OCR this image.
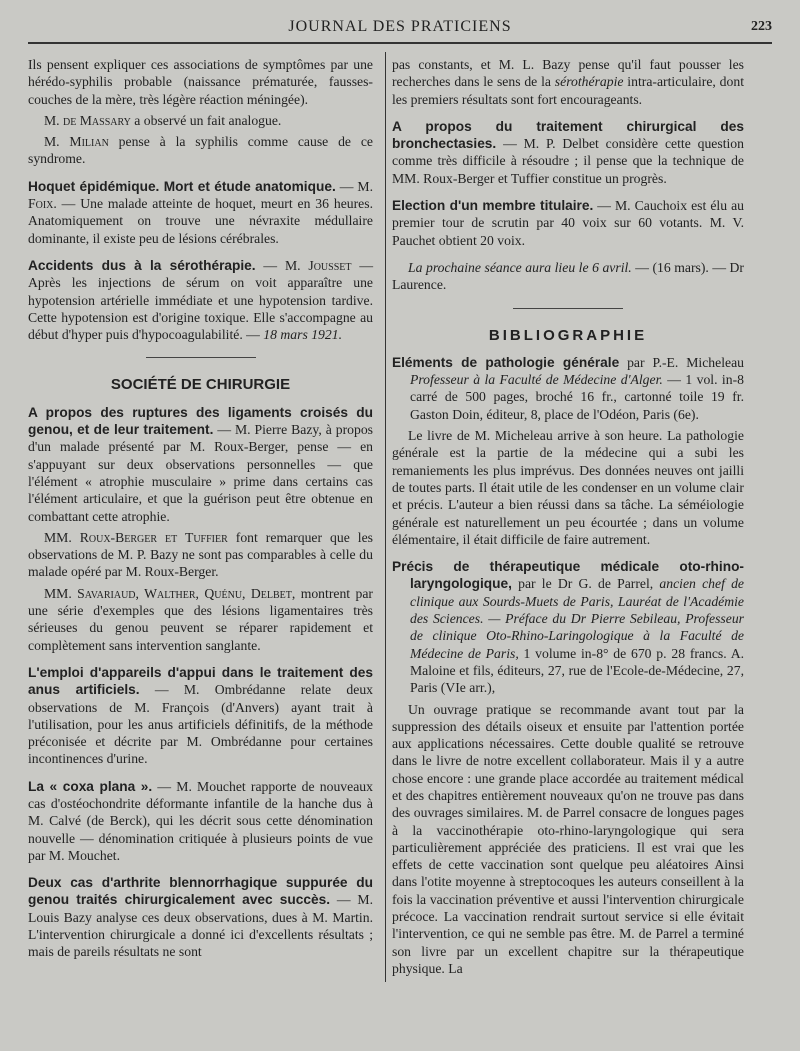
JOURNAL DES PRATICIENS	223

Ils pensent expliquer ces associations de symptômes par une hérédo-syphilis probable (naissance prématurée, fausses-couches de la mère, très légère réaction méningée).

M. de Massary a observé un fait analogue.

M. Milian pense à la syphilis comme cause de ce syndrome.

Hoquet épidémique. Mort et étude anatomique. — M. Foix. — Une malade atteinte de hoquet, meurt en 36 heures. Anatomiquement on trouve une névraxite médullaire dominante, il existe peu de lésions cérébrales.

Accidents dus à la sérothérapie. — M. Jousset — Après les injections de sérum on voit apparaître une hypotension artérielle immédiate et une hypotension tardive. Cette hypotension est d'origine toxique. Elle s'accompagne au début d'hyper puis d'hypocoagulabilité. — 18 mars 1921.

SOCIÉTÉ DE CHIRURGIE

A propos des ruptures des ligaments croisés du genou, et de leur traitement. — M. Pierre Bazy, à propos d'un malade présenté par M. Roux-Berger, pense — en s'appuyant sur deux observations personnelles — que l'élément « atrophie musculaire » prime dans certains cas l'élément articulaire, et que la guérison peut être obtenue en combattant cette atrophie.

MM. Roux-Berger et Tuffier font remarquer que les observations de M. P. Bazy ne sont pas comparables à celle du malade opéré par M. Roux-Berger.

MM. Savariaud, Walther, Quénu, Delbet, montrent par une série d'exemples que des lésions ligamentaires très sérieuses du genou peuvent se réparer rapidement et complètement sans intervention sanglante.

L'emploi d'appareils d'appui dans le traitement des anus artificiels. — M. Ombrédanne relate deux observations de M. François (d'Anvers) ayant trait à l'utilisation, pour les anus artificiels définitifs, de la méthode préconisée et décrite par M. Ombrédanne pour certaines incontinences d'urine.

La « coxa plana ». — M. Mouchet rapporte de nouveaux cas d'ostéochondrite déformante infantile de la hanche dus à M. Calvé (de Berck), qui les décrit sous cette dénomination nouvelle — dénomination critiquée à plusieurs points de vue par M. Mouchet.

Deux cas d'arthrite blennorrhagique suppurée du genou traités chirurgicalement avec succès. — M. Louis Bazy analyse ces deux observations, dues à M. Martin. L'intervention chirurgicale a donné ici d'excellents résultats ; mais de pareils résultats ne sont

pas constants, et M. L. Bazy pense qu'il faut pousser les recherches dans le sens de la sérothérapie intra-articulaire, dont les premiers résultats sont fort encourageants.

A propos du traitement chirurgical des bronchectasies. — M. P. Delbet considère cette question comme très difficile à résoudre ; il pense que la technique de MM. Roux-Berger et Tuffier constitue un progrès.

Election d'un membre titulaire. — M. Cauchoix est élu au premier tour de scrutin par 40 voix sur 60 votants. M. V. Pauchet obtient 20 voix.

La prochaine séance aura lieu le 6 avril. — (16 mars). — Dr Laurence.

BIBLIOGRAPHIE

Eléments de pathologie générale par P.-E. Micheleau Professeur à la Faculté de Médecine d'Alger. — 1 vol. in-8 carré de 500 pages, broché 16 fr., cartonné toile 19 fr. Gaston Doin, éditeur, 8, place de l'Odéon, Paris (6e).

Le livre de M. Micheleau arrive à son heure. La pathologie générale est la partie de la médecine qui a subi les remaniements les plus imprévus. Des données neuves ont jailli de toutes parts. Il était utile de les condenser en un volume clair et précis. L'auteur a bien réussi dans sa tâche. La séméiologie générale est naturellement un peu écourtée ; dans un volume élémentaire, il était difficile de faire autrement.

Précis de thérapeutique médicale oto-rhino-laryngologique, par le Dr G. de Parrel, ancien chef de clinique aux Sourds-Muets de Paris, Lauréat de l'Académie des Sciences. — Préface du Dr Pierre Sebileau, Professeur de clinique Oto-Rhino-Laringologique à la Faculté de Médecine de Paris, 1 volume in-8° de 670 p. 28 francs. A. Maloine et fils, éditeurs, 27, rue de l'Ecole-de-Médecine, 27, Paris (VIe arr.),

Un ouvrage pratique se recommande avant tout par la suppression des détails oiseux et ensuite par l'attention portée aux applications nécessaires. Cette double qualité se retrouve dans le livre de notre excellent collaborateur. Mais il y a autre chose encore : une grande place accordée au traitement médical et des chapitres entièrement nouveaux qu'on ne trouve pas dans des ouvrages similaires. M. de Parrel consacre de longues pages à la vaccinothérapie oto-rhino-laryngologique qui sera particulièrement appréciée des praticiens. Il est vrai que les effets de cette vaccination sont quelque peu aléatoires Ainsi dans l'otite moyenne à streptocoques les auteurs conseillent à la fois la vaccination préventive et aussi l'intervention chirurgicale précoce. La vaccination rendrait surtout service si elle évitait l'intervention, ce qui ne semble pas être. M. de Parrel a terminé son livre par un excellent chapitre sur la thérapeutique physique. La
